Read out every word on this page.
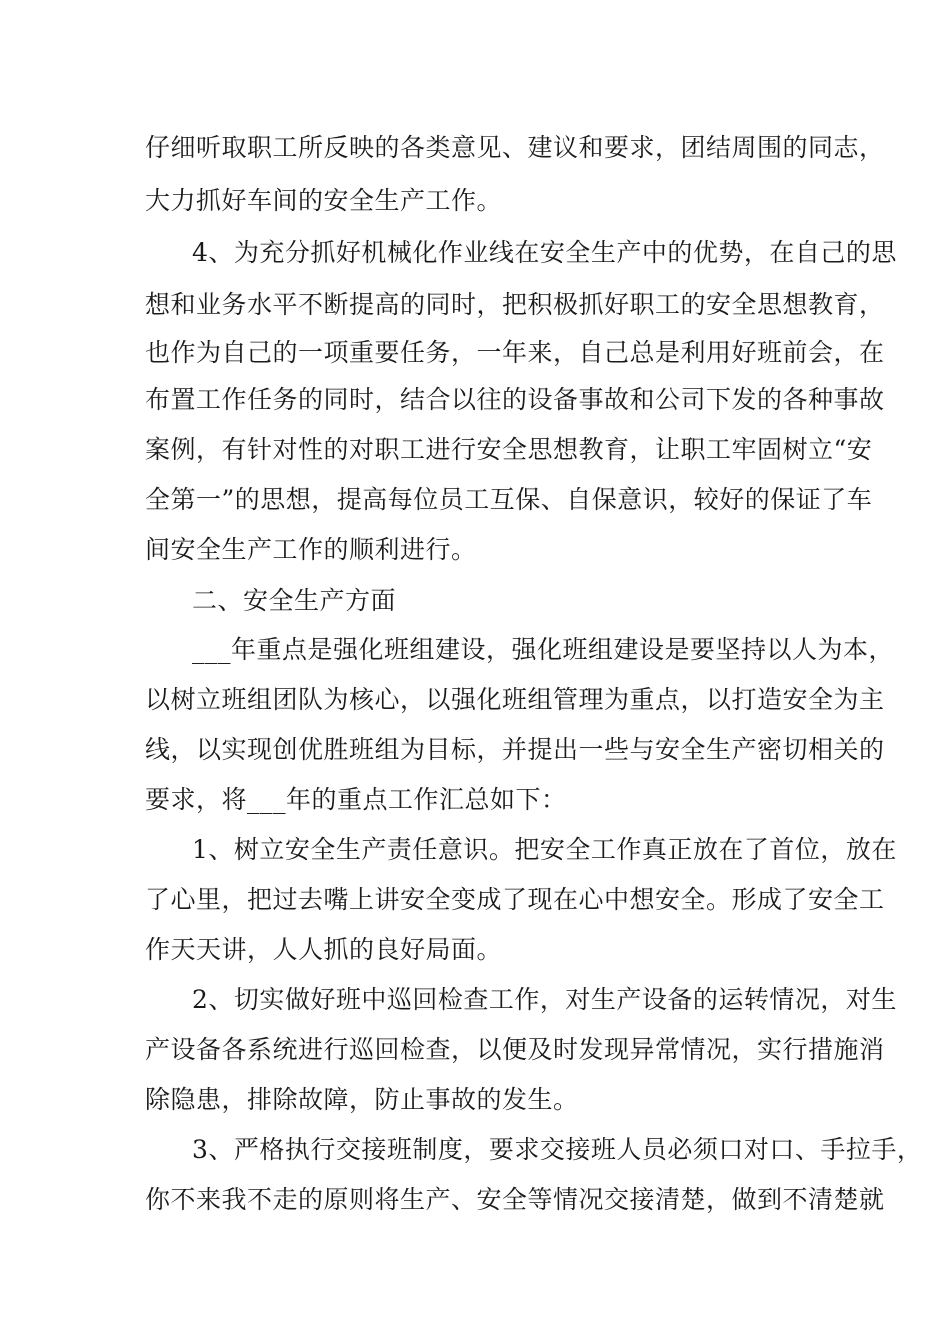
仔细听取职工所反映的各类意见、建议和要求，团结周围的同志，
大力抓好车间的安全生产工作。
4、为充分抓好机械化作业线在安全生产中的优势，在自己的思
想和业务水平不断提高的同时，把积极抓好职工的安全思想教育，
也作为自己的一项重要任务，一年来，自己总是利用好班前会，在
布置工作任务的同时，结合以往的设备事故和公司下发的各种事故
案例，有针对性的对职工进行安全思想教育，让职工牢固树立“安
全第一”的思想，提高每位员工互保、自保意识，较好的保证了车
间安全生产工作的顺利进行。
二、安全生产方面
___年重点是强化班组建设，强化班组建设是要坚持以人为本，
以树立班组团队为核心，以强化班组管理为重点，以打造安全为主
线，以实现创优胜班组为目标，并提出一些与安全生产密切相关的
要求，将___年的重点工作汇总如下：
1、树立安全生产责任意识。把安全工作真正放在了首位，放在
了心里，把过去嘴上讲安全变成了现在心中想安全。形成了安全工
作天天讲，人人抓的良好局面。
2、切实做好班中巡回检查工作，对生产设备的运转情况，对生
产设备各系统进行巡回检查，以便及时发现异常情况，实行措施消
除隐患，排除故障，防止事故的发生。
3、严格执行交接班制度，要求交接班人员必须口对口、手拉手，
你不来我不走的原则将生产、安全等情况交接清楚，做到不清楚就
